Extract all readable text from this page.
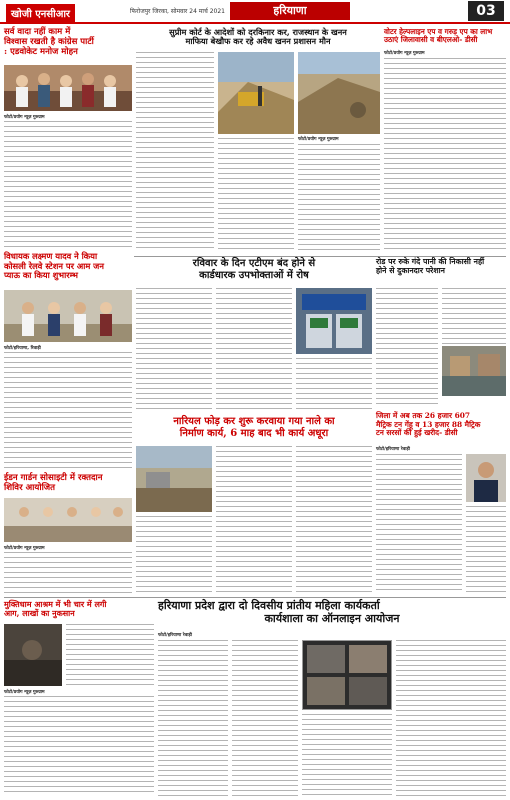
खोजी एनसीआर	फिरोजपुर जिरका, सोमवार 24 मार्च 2021	हरियाणा	03
सर्व वादा नहीं काम में
विश्वास रखती है कांग्रेस पार्टी
: एडवोकेट मनोज मोहन
फोटो/प्रयोग न्यूज़ गुरुग्राम
सुप्रीम कोर्ट के आदेशों को दरकिनार कर, राजस्थान के खनन
माफिया बेखौफ कर रहे अवैध खनन प्रशासन मौन
फोटो/प्रयोग न्यूज़ गुरुग्राम
वोटर हेल्पलाइन एप व गरुड़ एप का लाभ
उठाएं जिलावासी व बीएलओ- डीसी
फोटो/प्रयोग न्यूज़ गुरुग्राम
रविवार के दिन एटीएम बंद होने से
कार्डधारक उपभोक्ताओं में रोष
रोड पर रुके गंदे पानी की निकासी नहीं
होने से दुकानदार परेशान
विधायक लक्ष्मण यादव ने किया
कोसली रेलवे स्टेशन पर आम जन
प्याऊ का किया शुभारम्भ
फोटो/हरियाणा, रिवाड़ी
नारियल फोड़ कर शुरू करवाया गया नाले का
निर्माण कार्य, 6 माह बाद भी कार्य अधूरा
जिला में अब तक 26 हजार 607
मैट्रिक टन गेंहू व 13 हजार 88 मैट्रिक
टन सरसों की हुई खरीद- डीसी
फोटो/हरियाणा रेवाड़ी
ईडन गार्डन सोसाइटी में रक्तदान
शिविर आयोजित
फोटो/प्रयोग न्यूज़ गुरुग्राम
मुक्तिधाम आश्रम में भी चार में लगी
आग, लाखों का नुकसान
फोटो/प्रयोग न्यूज़ गुरुग्राम
हरियाणा प्रदेश द्वारा दो दिवसीय प्रांतीय महिला कार्यकर्ता
कार्यशाला का ऑनलाइन आयोजन
फोटो/हरियाणा रेवाड़ी
